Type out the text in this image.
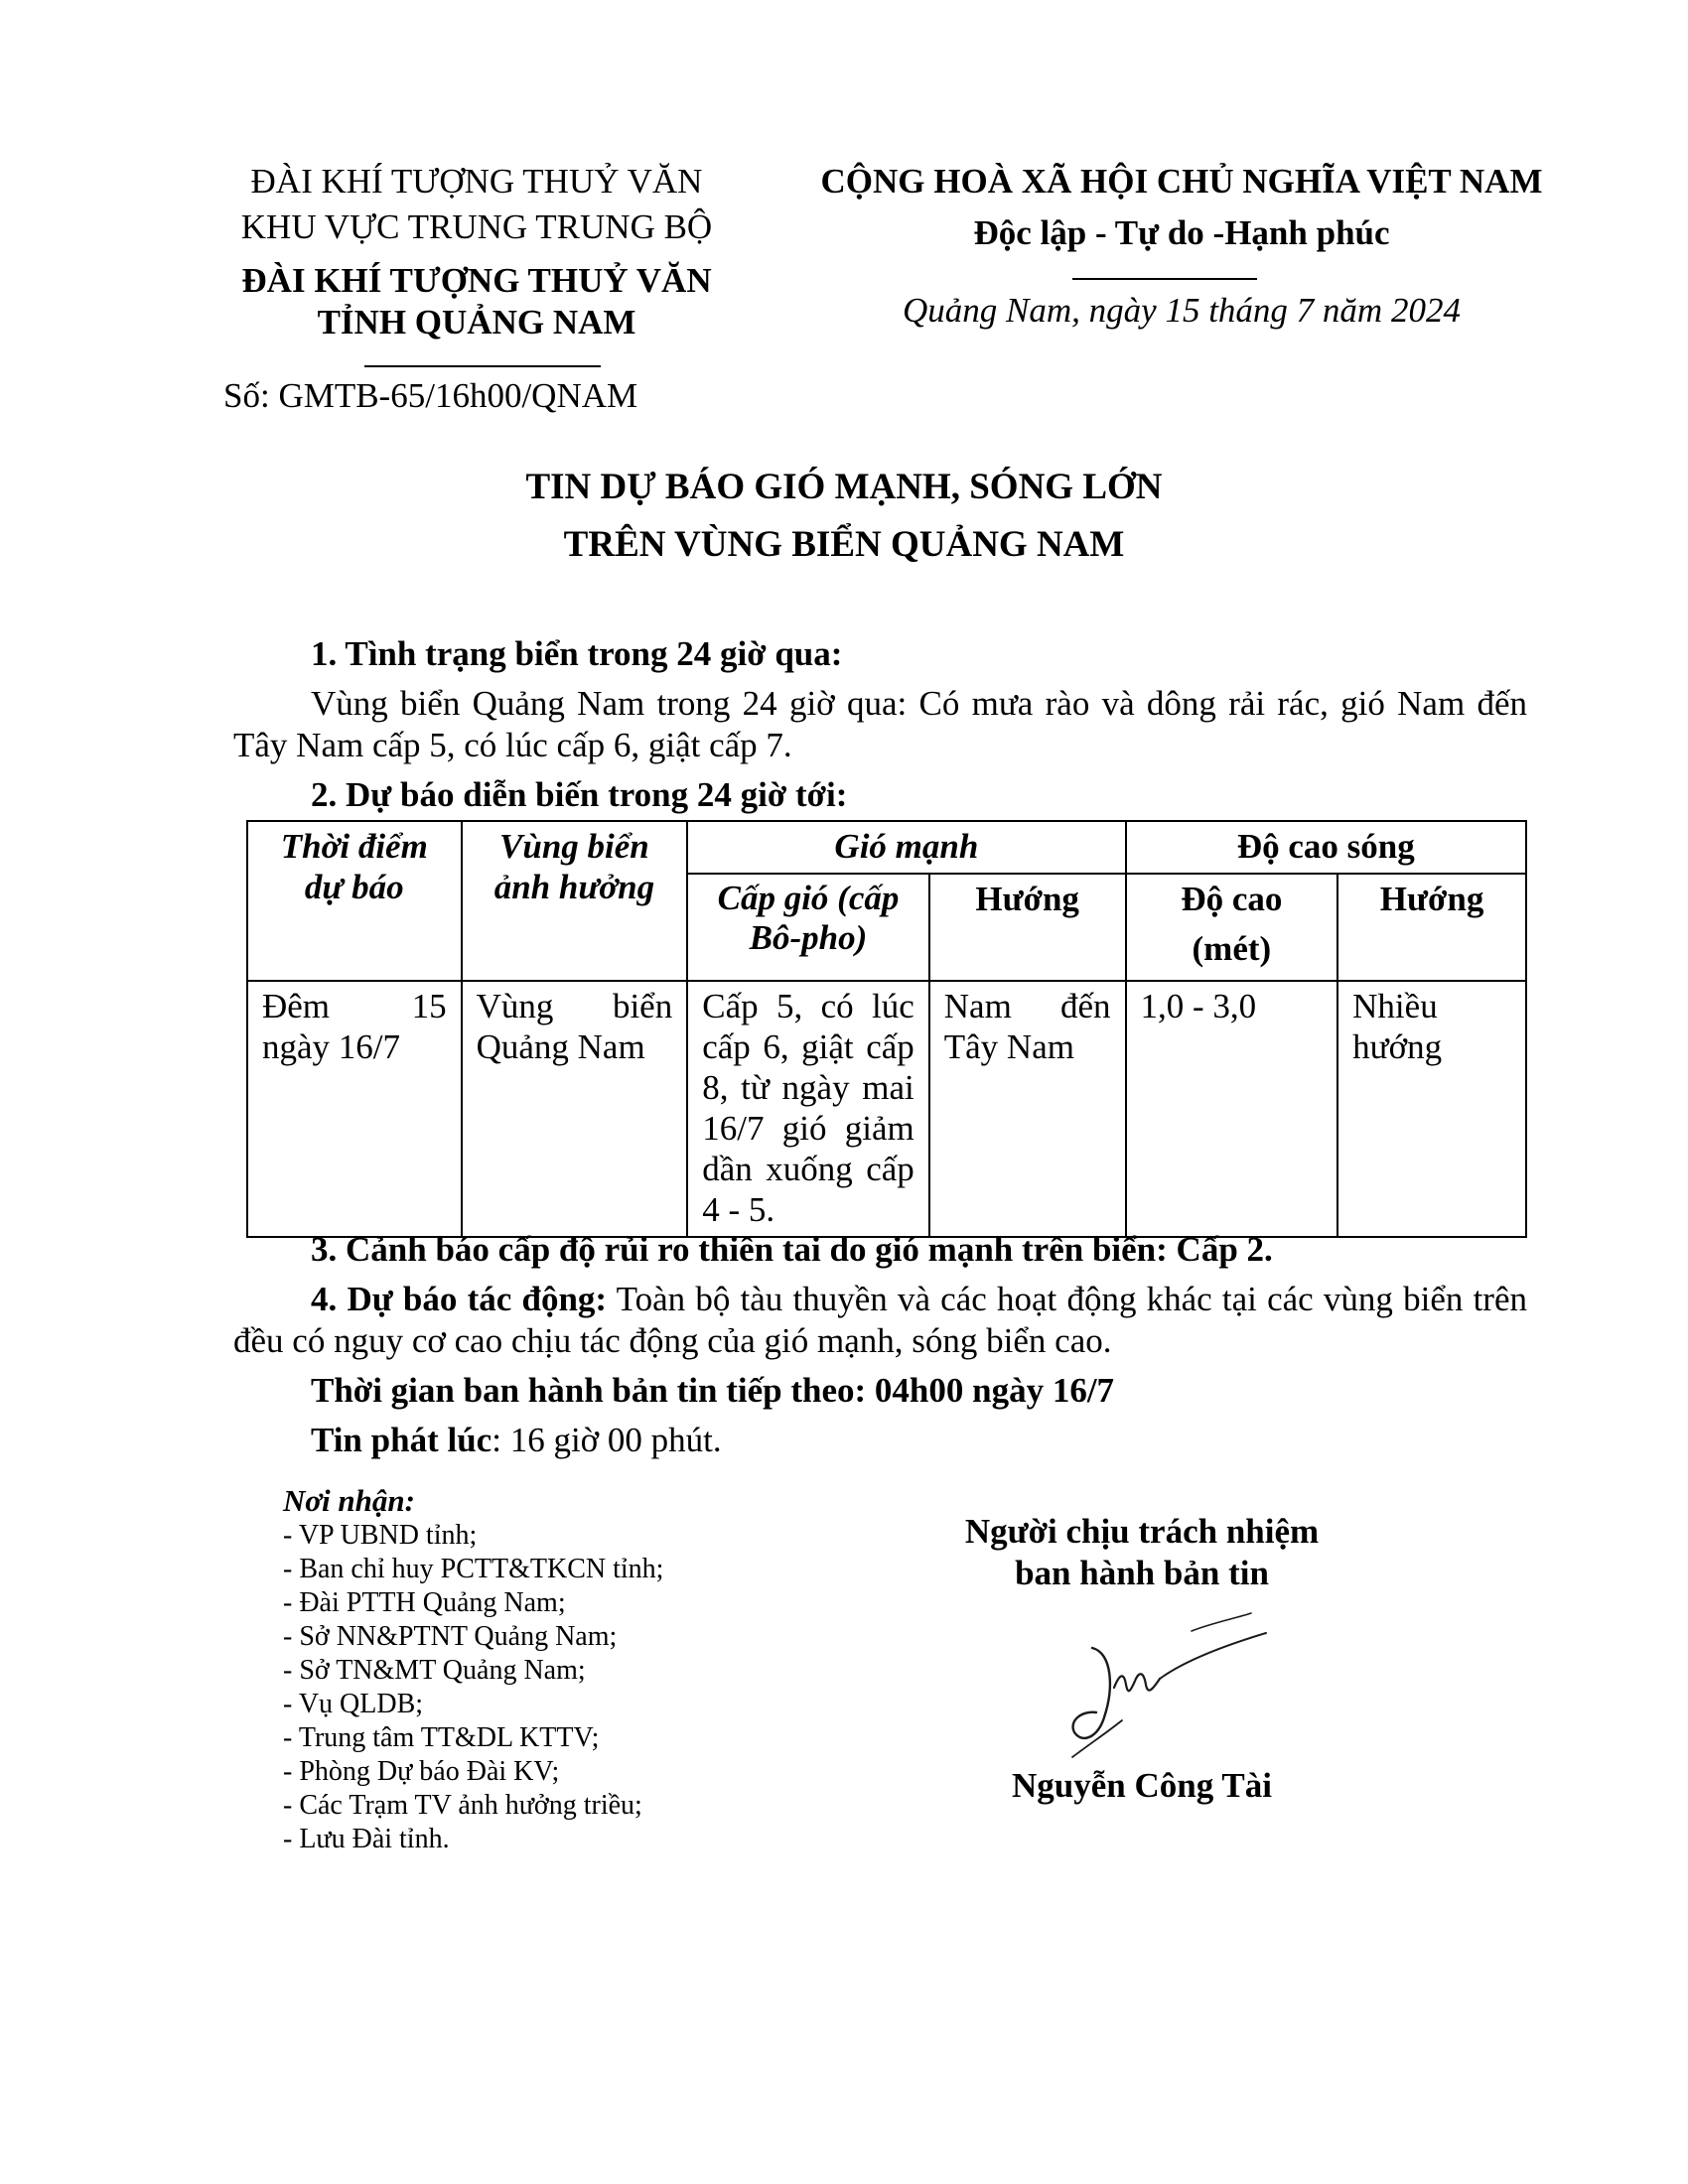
ĐÀI KHÍ TƯỢNG THUỶ VĂN
KHU VỰC TRUNG TRUNG BỘ
ĐÀI KHÍ TƯỢNG THUỶ VĂN
TỈNH QUẢNG NAM
Số: GMTB-65/16h00/QNAM
CỘNG HOÀ XÃ HỘI CHỦ NGHĨA VIỆT NAM
Độc lập - Tự do -Hạnh phúc
Quảng Nam, ngày 15 tháng 7 năm 2024
TIN DỰ BÁO GIÓ MẠNH, SÓNG LỚN
TRÊN VÙNG BIỂN QUẢNG NAM
1. Tình trạng biển trong 24 giờ qua:
Vùng biển Quảng Nam trong 24 giờ qua: Có mưa rào và dông rải rác, gió Nam đến Tây Nam cấp 5, có lúc cấp 6, giật cấp 7.
2. Dự báo diễn biến trong 24 giờ tới:
Thời điểm dự báo	Vùng biển ảnh hưởng	Gió mạnh		Độ cao sóng	
		Cấp gió (cấp Bô-pho)	Hướng	Độ cao (mét)	Hướng
Đêm 15 ngày 16/7	Vùng biển Quảng Nam	Cấp 5, có lúc cấp 6, giật cấp 8, từ ngày mai 16/7 gió giảm dần xuống cấp 4 - 5.	Nam đến Tây Nam	1,0 - 3,0	Nhiều hướng
3. Cảnh báo cấp độ rủi ro thiên tai do gió mạnh trên biển: Cấp 2.
4. Dự báo tác động: Toàn bộ tàu thuyền và các hoạt động khác tại các vùng biển trên đều có nguy cơ cao chịu tác động của gió mạnh, sóng biển cao.
Thời gian ban hành bản tin tiếp theo: 04h00 ngày 16/7
Tin phát lúc: 16 giờ 00 phút.
Nơi nhận:
- VP UBND tỉnh;
- Ban chỉ huy PCTT&TKCN tỉnh;
- Đài PTTH Quảng Nam;
- Sở NN&PTNT Quảng Nam;
- Sở TN&MT Quảng Nam;
- Vụ QLDB;
- Trung tâm TT&DL KTTV;
- Phòng Dự báo Đài KV;
- Các Trạm TV ảnh hưởng triều;
- Lưu Đài tỉnh.
Người chịu trách nhiệm
ban hành bản tin
Nguyễn Công Tài
